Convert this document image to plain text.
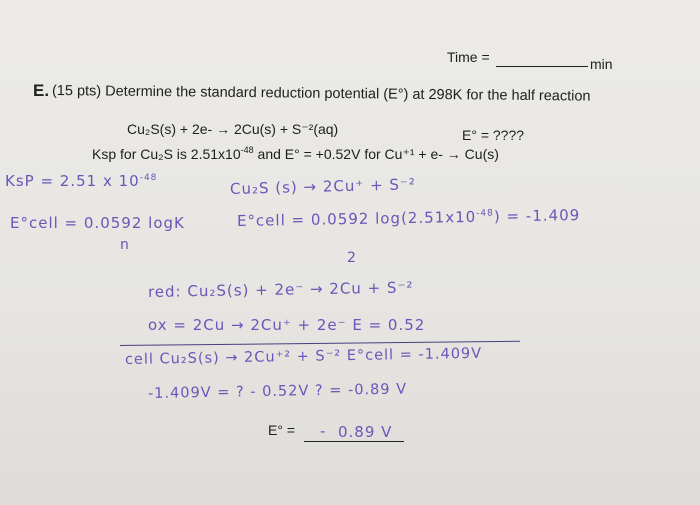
Time =	min
E. (15 pts) Determine the standard reduction potential (E°) at 298K for the half reaction
Cu₂S(s) + 2e- → 2Cu(s) + S⁻²(aq)	E° = ????
Ksp for Cu₂S is $2.51x10^{-48}$ and E° = +0.52V for Cu⁺¹ + e- → Cu(s)
KsP = 2.51 x $10^{-48}$	Cu₂S (s) → 2Cu⁺ + S⁻²
E°cell = 0.0592 logK
n
E°cell = 0.0592 $\log(2.51x10^{-48}) = -1.409$
2
red: Cu₂S(s) + 2e⁻ → 2Cu + S⁻²
ox = 2Cu → 2Cu⁺ + 2e⁻ E = 0.52
cell Cu₂S(s) → 2Cu⁺² + S⁻² E°cell = -1.409V
-1.409V = ? - 0.52V ? = -0.89 V
E° = - 0.89 V
